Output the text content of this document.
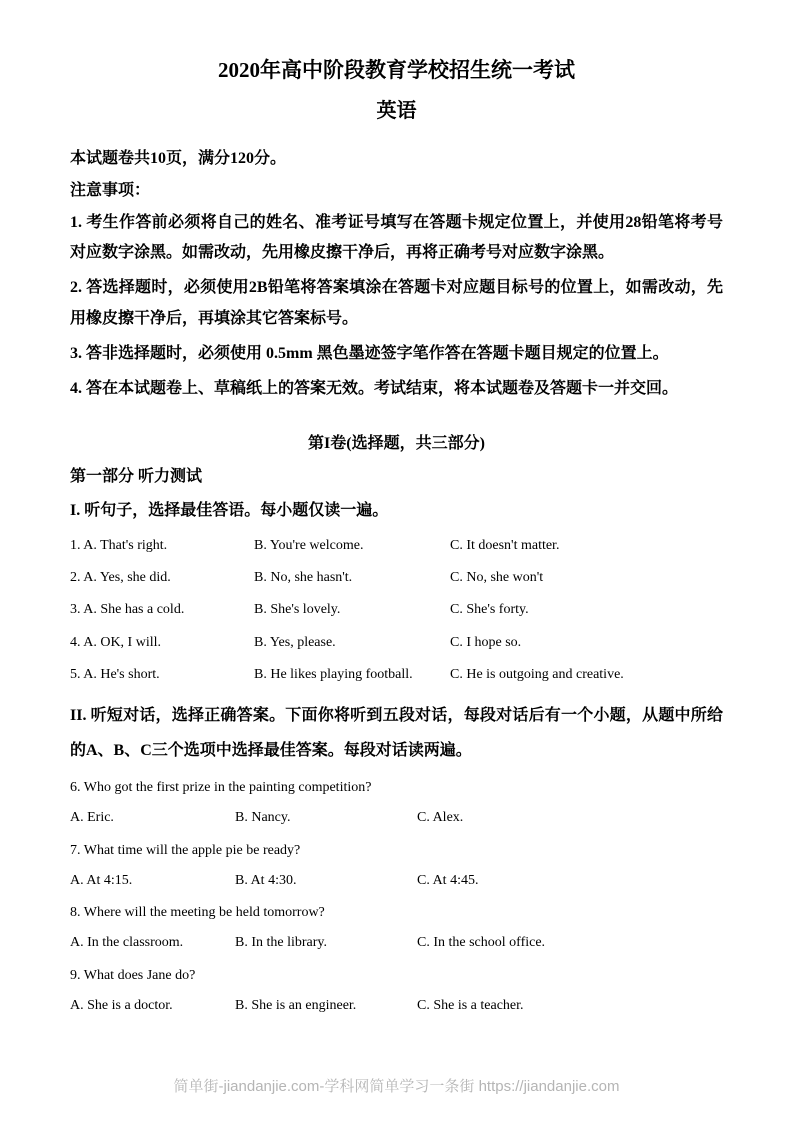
2020年高中阶段教育学校招生统一考试
英语

本试题卷共10页，满分120分。

注意事项：

1. 考生作答前必须将自己的姓名、准考证号填写在答题卡规定位置上，并使用28铅笔将考号对应数字涂黑。如需改动，先用橡皮擦干净后，再将正确考号对应数字涂黑。

2. 答选择题时，必须使用2B铅笔将答案填涂在答题卡对应题目标号的位置上，如需改动，先用橡皮擦干净后，再填涂其它答案标号。

3. 答非选择题时，必须使用 0.5mm 黑色墨迹签字笔作答在答题卡题目规定的位置上。

4. 答在本试题卷上、草稿纸上的答案无效。考试结束，将本试题卷及答题卡一并交回。

第I卷(选择题，共三部分)

第一部分 听力测试

I. 听句子，选择最佳答语。每小题仅读一遍。

1. A. That's right.	B. You're welcome.	C. It doesn't matter.
2. A. Yes, she did.	B. No, she hasn't.	C. No, she won't
3. A. She has a cold.	B. She's lovely.	C. She's forty.
4. A. OK, I will.	B. Yes, please.	C. I hope so.
5. A. He's short.	B. He likes playing football.	C. He is outgoing and creative.

II. 听短对话，选择正确答案。下面你将听到五段对话，每段对话后有一个小题，从题中所给的A、B、C三个选项中选择最佳答案。每段对话读两遍。

6. Who got the first prize in the painting competition?

A. Eric.	B. Nancy.	C. Alex.

7. What time will the apple pie be ready?

A. At 4:15.	B. At 4:30.	C. At 4:45.

8. Where will the meeting be held tomorrow?

A. In the classroom.	B. In the library.	C. In the school office.

9. What does Jane do?

A. She is a doctor.	B. She is an engineer.	C. She is a teacher.
简单街-jiandanjie.com-学科网简单学习一条街 https://jiandanjie.com
